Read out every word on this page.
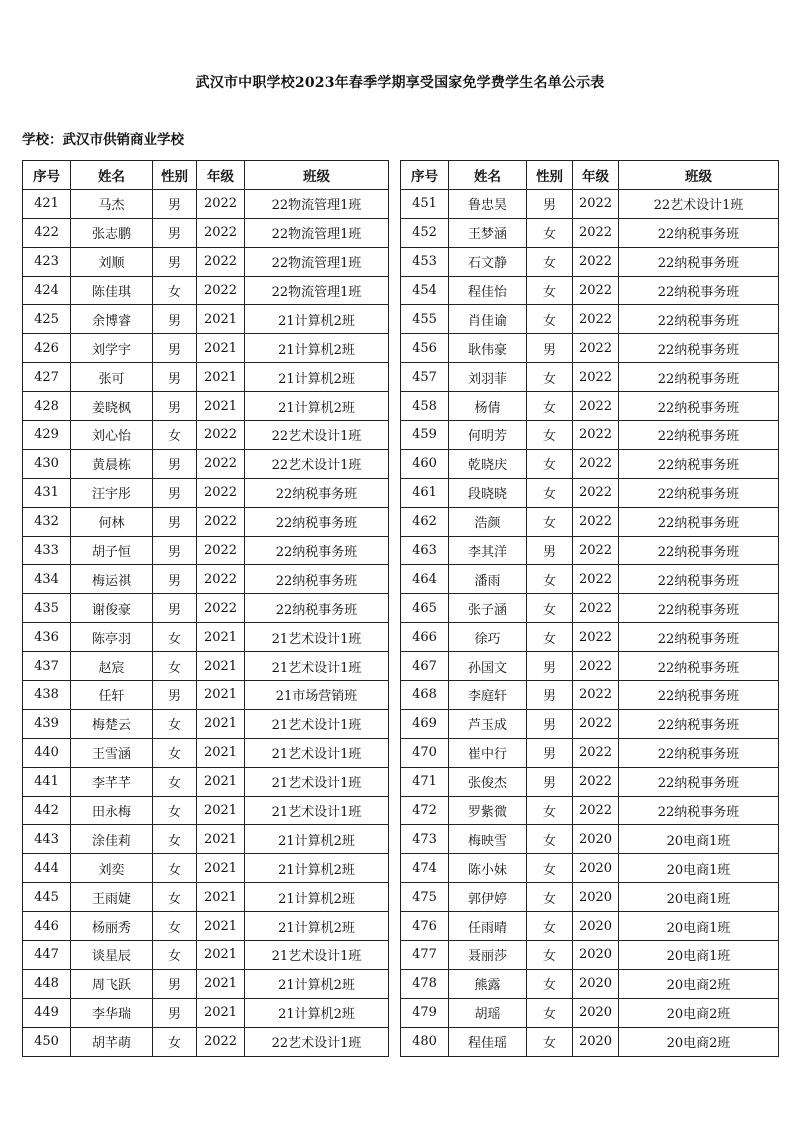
武汉市中职学校2023年春季学期享受国家免学费学生名单公示表
学校：武汉市供销商业学校
序号	姓名	性别	年级	班级
421	马杰	男	2022	22物流管理1班
422	张志鹏	男	2022	22物流管理1班
423	刘顺	男	2022	22物流管理1班
424	陈佳琪	女	2022	22物流管理1班
425	余博睿	男	2021	21计算机2班
426	刘学宇	男	2021	21计算机2班
427	张可	男	2021	21计算机2班
428	姜晓枫	男	2021	21计算机2班
429	刘心怡	女	2022	22艺术设计1班
430	黄晨栋	男	2022	22艺术设计1班
431	汪宇彤	男	2022	22纳税事务班
432	何林	男	2022	22纳税事务班
433	胡子恒	男	2022	22纳税事务班
434	梅运祺	男	2022	22纳税事务班
435	谢俊豪	男	2022	22纳税事务班
436	陈亭羽	女	2021	21艺术设计1班
437	赵宸	女	2021	21艺术设计1班
438	任轩	男	2021	21市场营销班
439	梅楚云	女	2021	21艺术设计1班
440	王雪涵	女	2021	21艺术设计1班
441	李芊芊	女	2021	21艺术设计1班
442	田永梅	女	2021	21艺术设计1班
443	涂佳莉	女	2021	21计算机2班
444	刘奕	女	2021	21计算机2班
445	王雨婕	女	2021	21计算机2班
446	杨丽秀	女	2021	21计算机2班
447	谈星辰	女	2021	21艺术设计1班
448	周飞跃	男	2021	21计算机2班
449	李华瑞	男	2021	21计算机2班
450	胡芊萌	女	2022	22艺术设计1班
序号	姓名	性别	年级	班级
451	鲁忠昊	男	2022	22艺术设计1班
452	王梦涵	女	2022	22纳税事务班
453	石文静	女	2022	22纳税事务班
454	程佳怡	女	2022	22纳税事务班
455	肖佳谕	女	2022	22纳税事务班
456	耿伟豪	男	2022	22纳税事务班
457	刘羽菲	女	2022	22纳税事务班
458	杨倩	女	2022	22纳税事务班
459	何明芳	女	2022	22纳税事务班
460	乾晓庆	女	2022	22纳税事务班
461	段晓晓	女	2022	22纳税事务班
462	浩颜	女	2022	22纳税事务班
463	李其洋	男	2022	22纳税事务班
464	潘雨	女	2022	22纳税事务班
465	张子涵	女	2022	22纳税事务班
466	徐巧	女	2022	22纳税事务班
467	孙国文	男	2022	22纳税事务班
468	李庭轩	男	2022	22纳税事务班
469	芦玉成	男	2022	22纳税事务班
470	崔中行	男	2022	22纳税事务班
471	张俊杰	男	2022	22纳税事务班
472	罗紫微	女	2022	22纳税事务班
473	梅映雪	女	2020	20电商1班
474	陈小妹	女	2020	20电商1班
475	郭伊婷	女	2020	20电商1班
476	任雨晴	女	2020	20电商1班
477	聂丽莎	女	2020	20电商1班
478	熊露	女	2020	20电商2班
479	胡瑶	女	2020	20电商2班
480	程佳瑶	女	2020	20电商2班
